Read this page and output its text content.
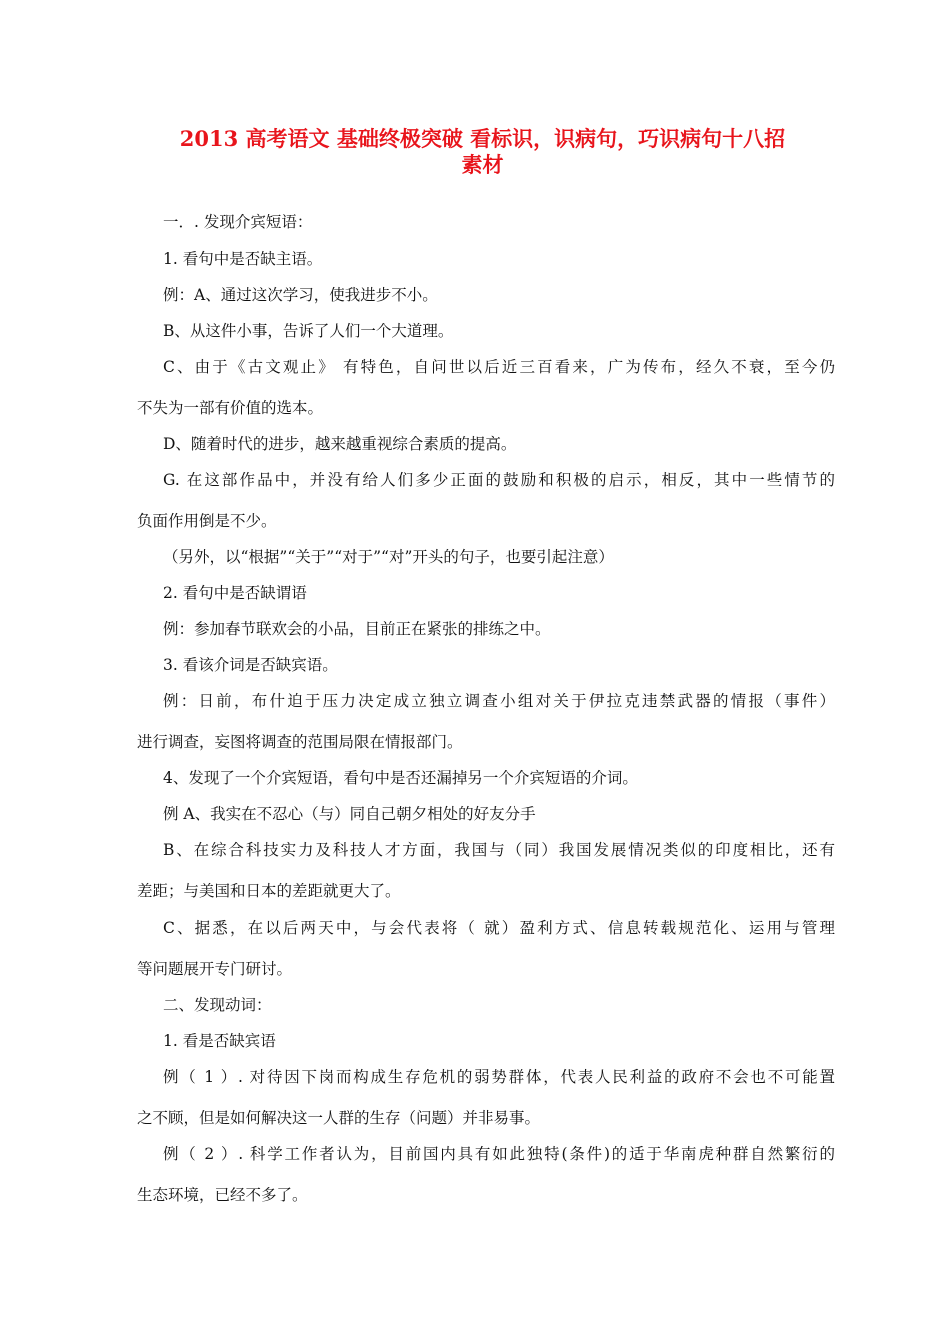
2013 高考语文 基础终极突破 看标识，识病句，巧识病句十八招
素材
一．. 发现介宾短语：
1. 看句中是否缺主语。
例：A、通过这次学习，使我进步不小。
B、从这件小事，告诉了人们一个大道理。
C、由于《古文观止》 有特色，自问世以后近三百看来，广为传布，经久不衰，至今仍
不失为一部有价值的选本。
D、随着时代的进步，越来越重视综合素质的提高。
G. 在这部作品中，并没有给人们多少正面的鼓励和积极的启示，相反，其中一些情节的
负面作用倒是不少。
（另外，以“根据”“关于”“对于”“对”开头的句子，也要引起注意）
2. 看句中是否缺谓语
例：参加春节联欢会的小品，目前正在紧张的排练之中。
3. 看该介词是否缺宾语。
例：日前，布什迫于压力决定成立独立调查小组对关于伊拉克违禁武器的情报（事件）
进行调查，妄图将调查的范围局限在情报部门。
4、发现了一个介宾短语，看句中是否还漏掉另一个介宾短语的介词。
例 A、我实在不忍心（与）同自己朝夕相处的好友分手
B、在综合科技实力及科技人才方面，我国与（同）我国发展情况类似的印度相比，还有
差距；与美国和日本的差距就更大了。
C、据悉，在以后两天中，与会代表将（ 就）盈利方式、信息转载规范化、运用与管理
等问题展开专门研讨。
二、发现动词：
1. 看是否缺宾语
例（ 1 ）. 对待因下岗而构成生存危机的弱势群体，代表人民利益的政府不会也不可能置
之不顾，但是如何解决这一人群的生存（问题）并非易事。
例（ 2 ）. 科学工作者认为，目前国内具有如此独特(条件)的适于华南虎种群自然繁衍的
生态环境，已经不多了。
